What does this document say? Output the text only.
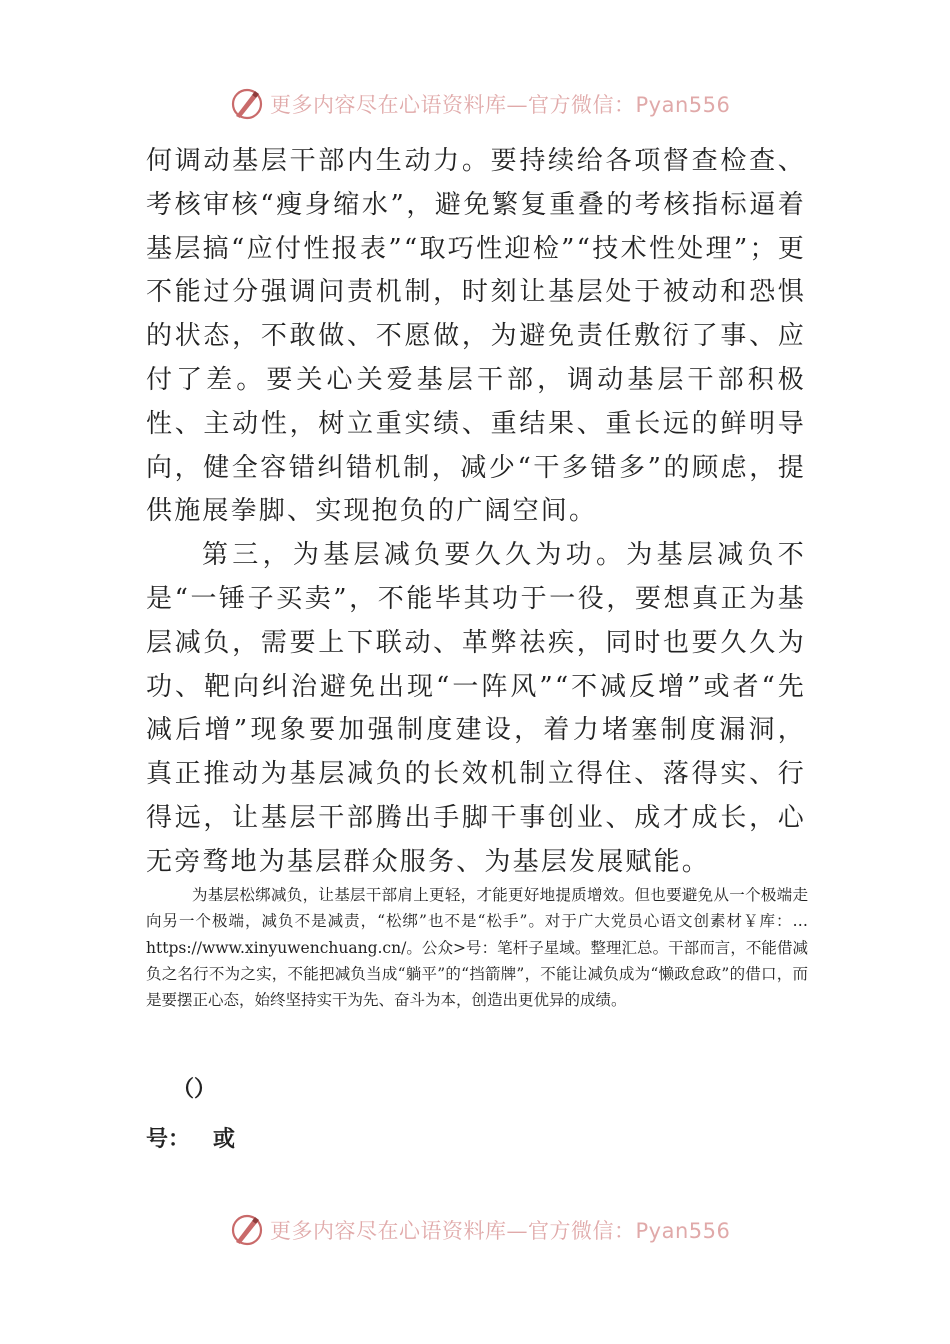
更多内容尽在心语资料库—官方微信：Pyan556

何调动基层干部内生动力。要持续给各项督查检查、考核审核“瘦身缩水”，避免繁复重叠的考核指标逼着基层搞“应付性报表”“取巧性迎检”“技术性处理”；更不能过分强调问责机制，时刻让基层处于被动和恐惧的状态，不敢做、不愿做，为避免责任敷衍了事、应付了差。要关心关爱基层干部，调动基层干部积极性、主动性，树立重实绩、重结果、重长远的鲜明导向，健全容错纠错机制，减少“干多错多”的顾虑，提供施展拳脚、实现抱负的广阔空间。

第三，为基层减负要久久为功。为基层减负不是“一锤子买卖”，不能毕其功于一役，要想真正为基层减负，需要上下联动、革弊祛疾，同时也要久久为功、靶向纠治避免出现“一阵风”“不减反增”或者“先减后增”现象要加强制度建设，着力堵塞制度漏洞，真正推动为基层减负的长效机制立得住、落得实、行得远，让基层干部腾出手脚干事创业、成才成长，心无旁骛地为基层群众服务、为基层发展赋能。

为基层松绑减负，让基层干部肩上更轻，才能更好地提质增效。但也要避免从一个极端走向另一个极端，减负不是减责，“松绑”也不是“松手”。对于广大党员心语文创素材￥库：…https://www.xinyuwenchuang.cn/。公众>号：笔杆子星域。整理汇总。干部而言，不能借减负之名行不为之实，不能把减负当成“躺平”的“挡箭牌”，不能让减负成为“懒政怠政”的借口，而是要摆正心态，始终坚持实干为先、奋斗为本，创造出更优异的成绩。

（）
号：   或
更多内容尽在心语资料库—官方微信：Pyan556
